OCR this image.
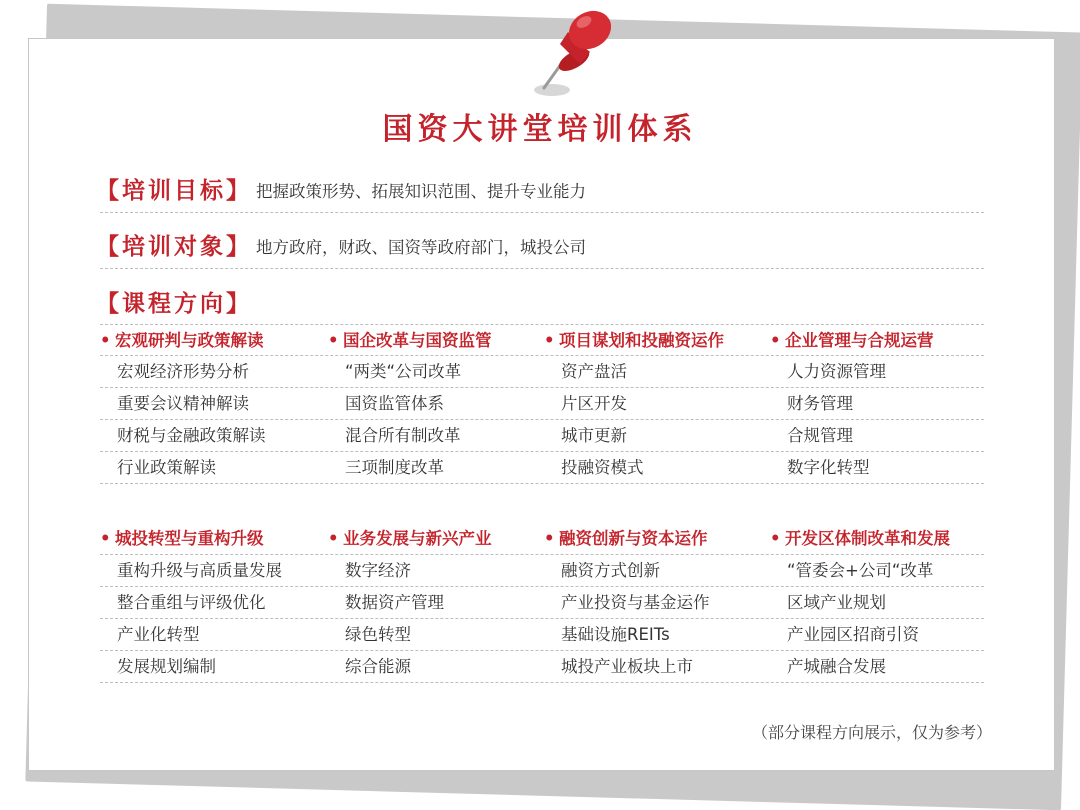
国资大讲堂培训体系
【培训目标】 把握政策形势、拓展知识范围、提升专业能力
【培训对象】 地方政府，财政、国资等政府部门，城投公司
【课程方向】
• 宏观研判与政策解读	• 国企改革与国资监管	• 项目谋划和投融资运作	• 企业管理与合规运营
宏观经济形势分析	“两类“公司改革	资产盘活	人力资源管理
重要会议精神解读	国资监管体系	片区开发	财务管理
财税与金融政策解读	混合所有制改革	城市更新	合规管理
行业政策解读	三项制度改革	投融资模式	数字化转型
• 城投转型与重构升级	• 业务发展与新兴产业	• 融资创新与资本运作	• 开发区体制改革和发展
重构升级与高质量发展	数字经济	融资方式创新	“管委会+公司“改革
整合重组与评级优化	数据资产管理	产业投资与基金运作	区域产业规划
产业化转型	绿色转型	基础设施REITs	产业园区招商引资
发展规划编制	综合能源	城投产业板块上市	产城融合发展
（部分课程方向展示，仅为参考）
